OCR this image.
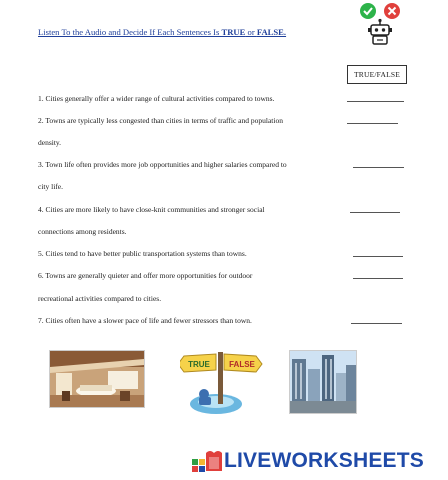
Listen To the Audio and Decide If Each Sentences Is TRUE or FALSE.
TRUE/FALSE
1. Cities generally offer a wider range of cultural activities compared to towns.
2. Towns are typically less congested than cities in terms of traffic and population
density.
3. Town life often provides more job opportunities and higher salaries compared to
city life.
4. Cities are more likely to have close-knit communities and stronger social
connections among residents.
5. Cities tend to have better public transportation systems than towns.
6. Towns are generally quieter and offer more opportunities for outdoor
recreational activities compared to cities.
7. Cities often have a slower pace of life and fewer stressors than town.
TRUE FALSE
LIVEWORKSHEETS
